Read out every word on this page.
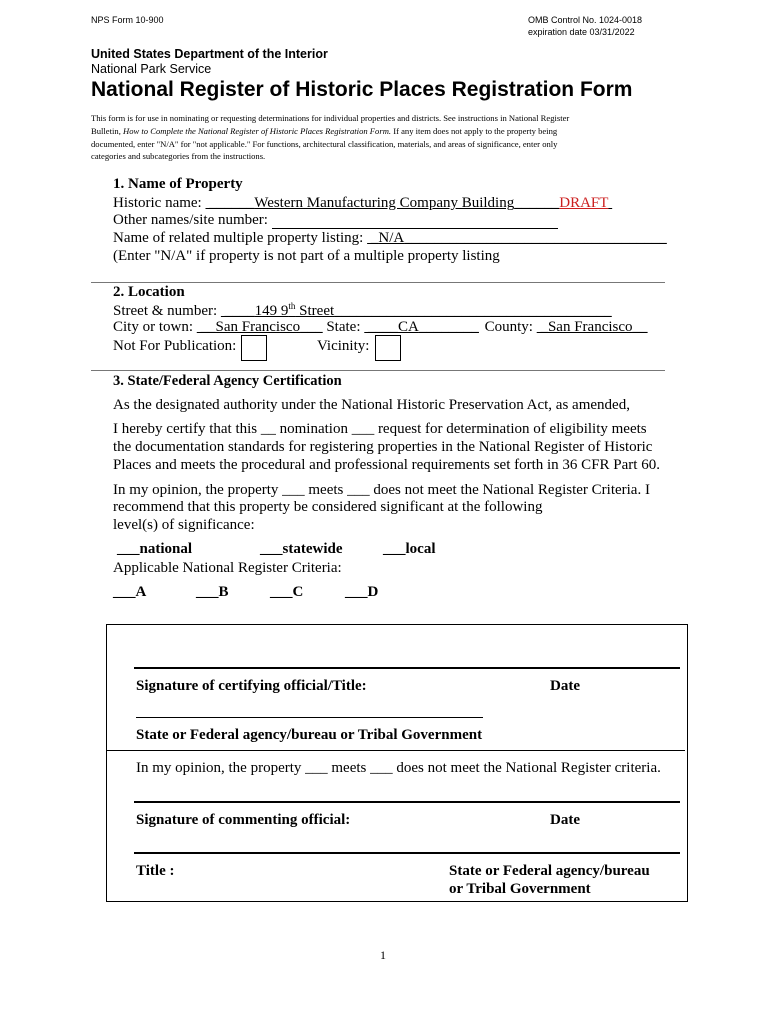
NPS Form 10-900	OMB Control No. 1024-0018
expiration date 03/31/2022
United States Department of the Interior
National Park Service
National Register of Historic Places Registration Form
This form is for use in nominating or requesting determinations for individual properties and districts. See instructions in National Register
Bulletin, How to Complete the National Register of Historic Places Registration Form. If any item does not apply to the property being
documented, enter "N/A" for "not applicable." For functions, architectural classification, materials, and areas of significance, enter only
categories and subcategories from the instructions.
1. Name of Property
Historic name:  ______Western Manufacturing Company Building______DRAFT
Other names/site number:
Name of related multiple property listing:  _N/A___________________________________
(Enter "N/A" if property is not part of a multiple property listing
2. Location
Street & number:  ____149 9th Street_____________________________________
City or town:  __San Francisco___ State:  ____CA________ County:  _San Francisco__
Not For Publication:	Vicinity:
3. State/Federal Agency Certification
As the designated authority under the National Historic Preservation Act, as amended,
I hereby certify that this __ nomination ___ request for determination of eligibility meets
the documentation standards for registering properties in the National Register of Historic
Places and meets the procedural and professional requirements set forth in 36 CFR Part 60.
In my opinion, the property ___ meets ___ does not meet the National Register Criteria. I
recommend that this property be considered significant at the following
level(s) of significance:
___national	___statewide	___local
Applicable National Register Criteria:
___A	___B	___C	___D
Signature of certifying official/Title:	Date
State or Federal agency/bureau or Tribal Government
In my opinion, the property ___ meets ___ does not meet the National Register criteria.
Signature of commenting official:	Date
Title :	State or Federal agency/bureau
or Tribal Government
1
